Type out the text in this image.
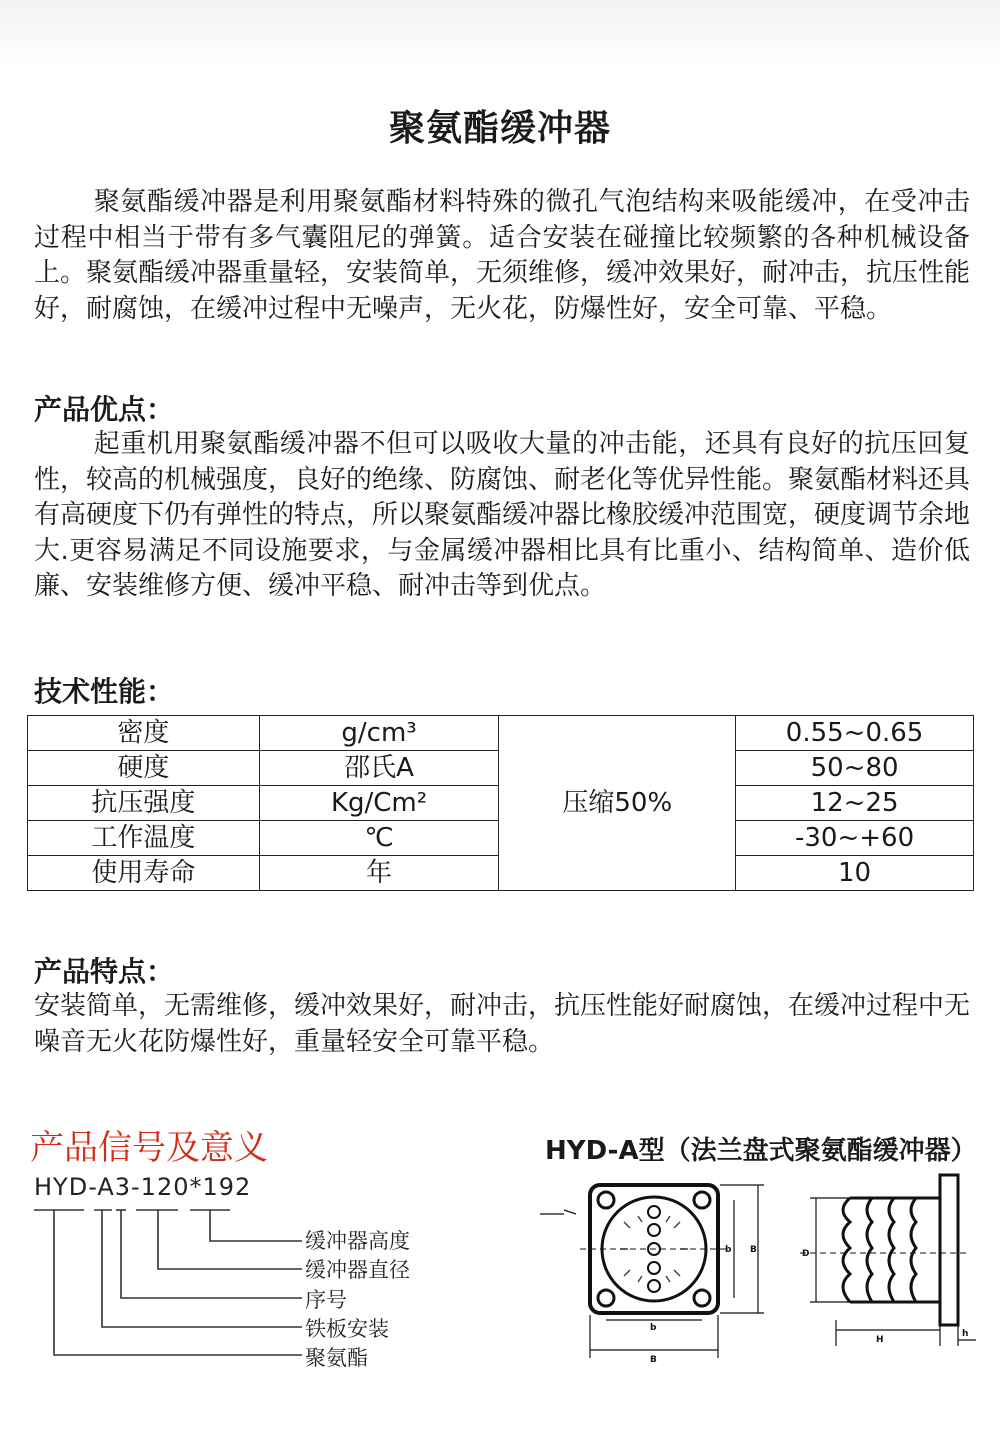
聚氨酯缓冲器

聚氨酯缓冲器是利用聚氨酯材料特殊的微孔气泡结构来吸能缓冲，在受冲击过程中相当于带有多气囊阻尼的弹簧。适合安装在碰撞比较频繁的各种机械设备上。聚氨酯缓冲器重量轻，安装简单，无须维修，缓冲效果好，耐冲击，抗压性能好，耐腐蚀，在缓冲过程中无噪声，无火花，防爆性好，安全可靠、平稳。

产品优点：

起重机用聚氨酯缓冲器不但可以吸收大量的冲击能，还具有良好的抗压回复性，较高的机械强度，良好的绝缘、防腐蚀、耐老化等优异性能。聚氨酯材料还具有高硬度下仍有弹性的特点，所以聚氨酯缓冲器比橡胶缓冲范围宽，硬度调节余地大.更容易满足不同设施要求，与金属缓冲器相比具有比重小、结构简单、造价低廉、安装维修方便、缓冲平稳、耐冲击等到优点。

技术性能：
密度	g/cm³	压缩50%	0.55~0.65
硬度	邵氏A		50~80
抗压强度	Kg/Cm²		12~25
工作温度	℃		-30~+60
使用寿命	年		10
产品特点：

安装简单，无需维修，缓冲效果好，耐冲击，抗压性能好耐腐蚀，在缓冲过程中无噪音无火花防爆性好，重量轻安全可靠平稳。

产品信号及意义
HYD-A3-120*192
缓冲器高度
缓冲器直径
序号
铁板安装
聚氨酯
HYD-A型（法兰盘式聚氨酯缓冲器）
b
B
b B	D
H
h
